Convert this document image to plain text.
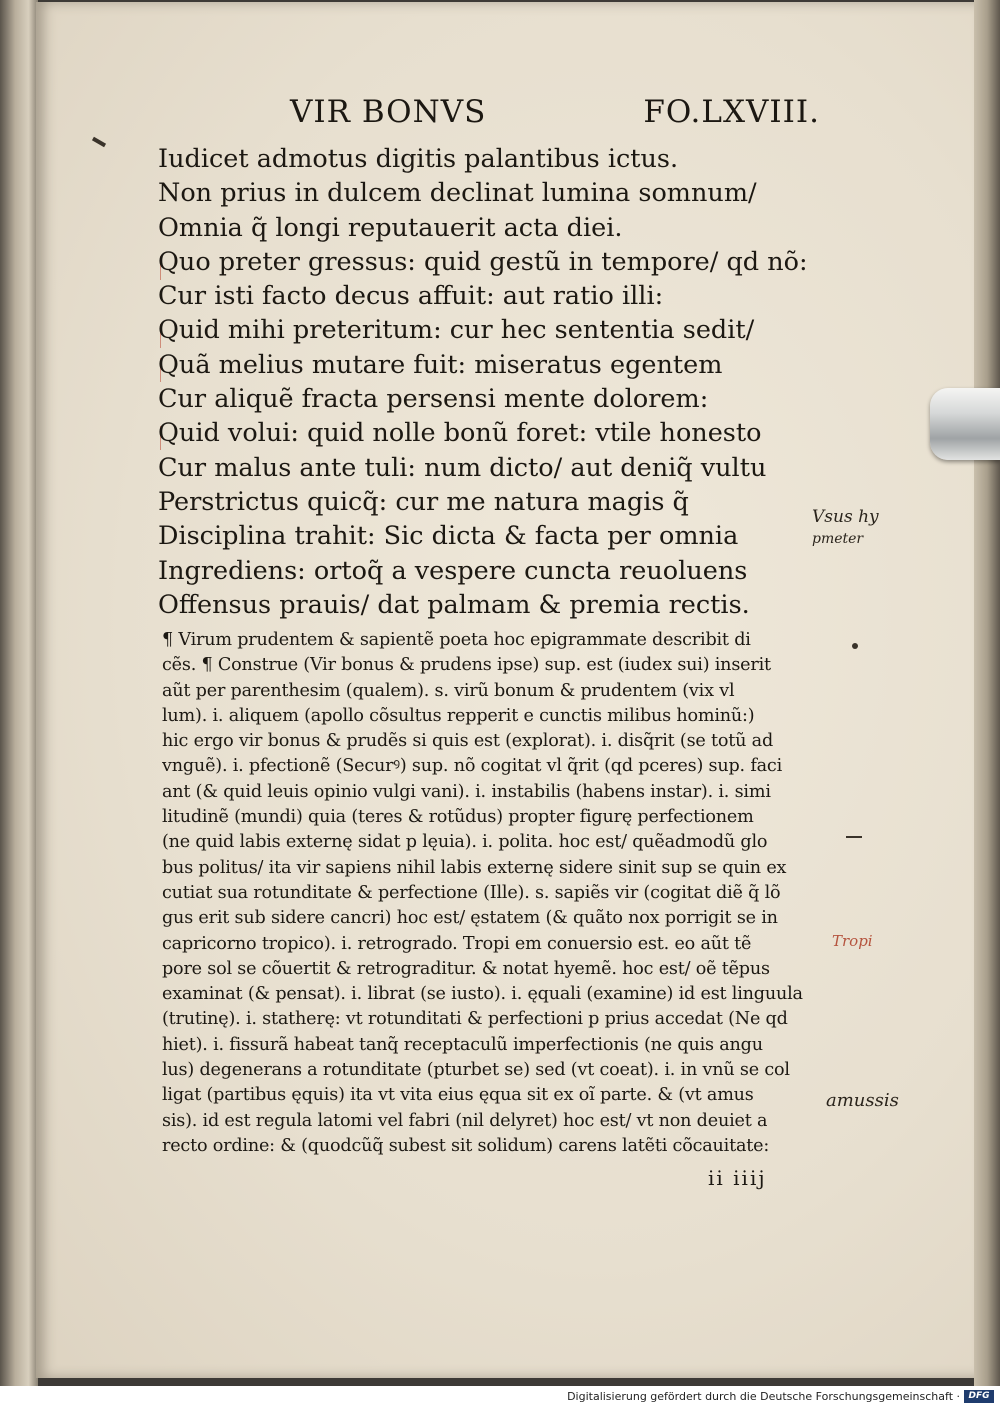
VIR BONVS	FO.LXVIII.
Iudicet admotus digitis palantibus ictus.
Non prius in dulcem declinat lumina somnum/
Omnia q̃ longi reputauerit acta diei.
Quo preter gressus: quid gestũ in tempore/ qd nõ:
Cur isti facto decus affuit: aut ratio illi:
Quid mihi preteritum: cur hec sententia sedit/
Quã melius mutare fuit: miseratus egentem
Cur aliquẽ fracta persensi mente dolorem:
Quid volui: quid nolle bonũ foret: vtile honesto
Cur malus ante tuli: num dicto/ aut deniq̃ vultu
Perstrictus quicq̃: cur me natura magis q̃
Disciplina trahit: Sic dicta & facta per omnia
Ingrediens: ortoq̃ a vespere cuncta reuoluens
Offensus prauis/ dat palmam & premia rectis.
¶ Virum prudentem & sapientẽ poeta hoc epigrammate describit di
cẽs. ¶ Construe (Vir bonus & prudens ipse) sup. est (iudex sui) inserit
aũt per parenthesim (qualem). s. virũ bonum & prudentem (vix vl
lum). i. aliquem (apollo cõsultus repperit e cunctis milibus hominũ:)
hic ergo vir bonus & prudẽs si quis est (explorat). i. disq̃rit (se totũ ad
vnguẽ). i. pfectionẽ (Securꝰ) sup. nõ cogitat vl q̃rit (qd pceres) sup. faci
ant (& quid leuis opinio vulgi vani). i. instabilis (habens instar). i. simi
litudinẽ (mundi) quia (teres & rotũdus) propter figurę perfectionem
(ne quid labis externę sidat p lęuia). i. polita. hoc est/ quẽadmodũ glo
bus politus/ ita vir sapiens nihil labis externę sidere sinit sup se quin ex
cutiat sua rotunditate & perfectione (Ille). s. sapiẽs vir (cogitat diẽ q̃ lõ
gus erit sub sidere cancri) hoc est/ ęstatem (& quãto nox porrigit se in
capricorno tropico). i. retrogrado. Tropi em conuersio est. eo aũt tẽ
pore sol se cõuertit & retrograditur. & notat hyemẽ. hoc est/ oẽ tẽpus
examinat (& pensat). i. librat (se iusto). i. ęquali (examine) id est linguula
(trutinę). i. statherę: vt rotunditati & perfectioni p prius accedat (Ne qd
hiet). i. fissurã habeat tanq̃ receptaculũ imperfectionis (ne quis angu
lus) degenerans a rotunditate (pturbet se) sed (vt coeat). i. in vnũ se col
ligat (partibus ęquis) ita vt vita eius ęqua sit ex oĩ parte. & (vt amus
sis). id est regula latomi vel fabri (nil delyret) hoc est/ vt non deuiet a
recto ordine: & (quodcũq̃ subest sit solidum) carens latẽti cõcauitate:
ii iiij
Vsus hy
pmeter
Tropi
amussis
Digitalisierung gefördert durch die Deutsche Forschungsgemeinschaft · DFG
